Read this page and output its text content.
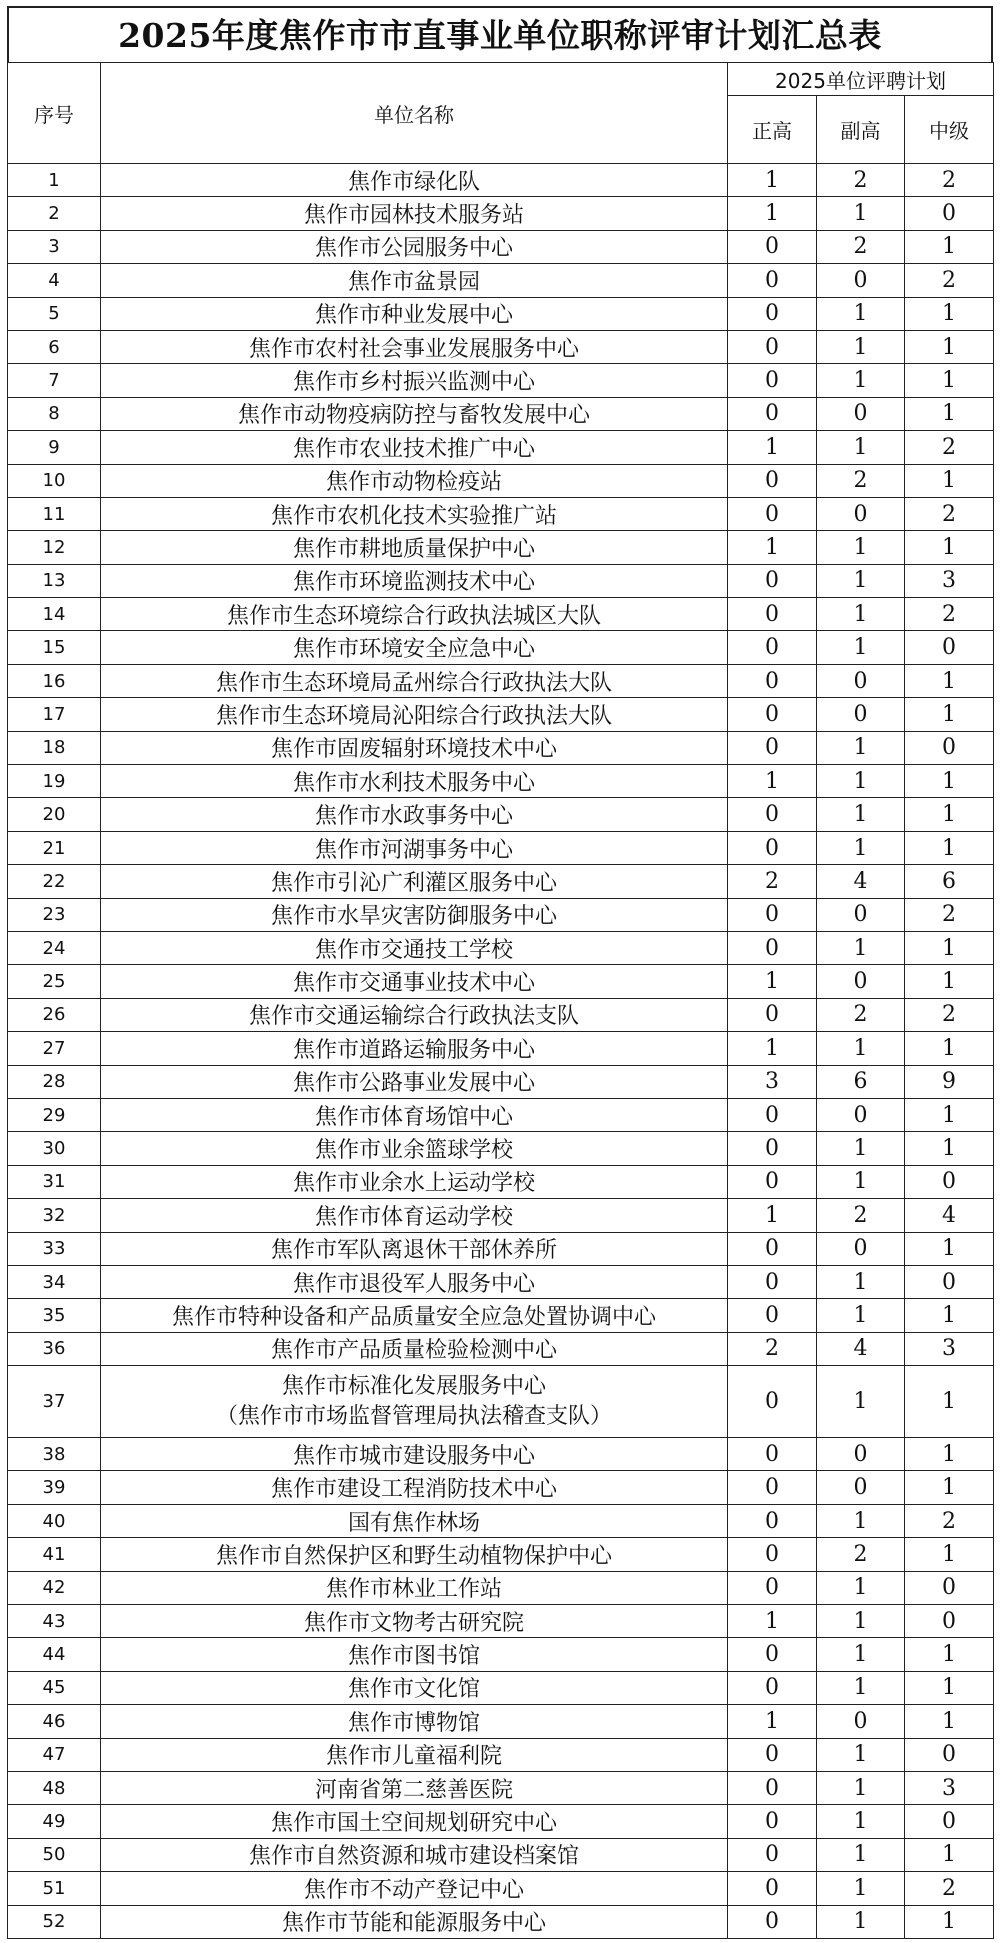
2025年度焦作市市直事业单位职称评审计划汇总表
序号	单位名称	2025单位评聘计划		
		正高	副高	中级
1	焦作市绿化队	1	2	2
2	焦作市园林技术服务站	1	1	0
3	焦作市公园服务中心	0	2	1
4	焦作市盆景园	0	0	2
5	焦作市种业发展中心	0	1	1
6	焦作市农村社会事业发展服务中心	0	1	1
7	焦作市乡村振兴监测中心	0	1	1
8	焦作市动物疫病防控与畜牧发展中心	0	0	1
9	焦作市农业技术推广中心	1	1	2
10	焦作市动物检疫站	0	2	1
11	焦作市农机化技术实验推广站	0	0	2
12	焦作市耕地质量保护中心	1	1	1
13	焦作市环境监测技术中心	0	1	3
14	焦作市生态环境综合行政执法城区大队	0	1	2
15	焦作市环境安全应急中心	0	1	0
16	焦作市生态环境局孟州综合行政执法大队	0	0	1
17	焦作市生态环境局沁阳综合行政执法大队	0	0	1
18	焦作市固废辐射环境技术中心	0	1	0
19	焦作市水利技术服务中心	1	1	1
20	焦作市水政事务中心	0	1	1
21	焦作市河湖事务中心	0	1	1
22	焦作市引沁广利灌区服务中心	2	4	6
23	焦作市水旱灾害防御服务中心	0	0	2
24	焦作市交通技工学校	0	1	1
25	焦作市交通事业技术中心	1	0	1
26	焦作市交通运输综合行政执法支队	0	2	2
27	焦作市道路运输服务中心	1	1	1
28	焦作市公路事业发展中心	3	6	9
29	焦作市体育场馆中心	0	0	1
30	焦作市业余篮球学校	0	1	1
31	焦作市业余水上运动学校	0	1	0
32	焦作市体育运动学校	1	2	4
33	焦作市军队离退休干部休养所	0	0	1
34	焦作市退役军人服务中心	0	1	0
35	焦作市特种设备和产品质量安全应急处置协调中心	0	1	1
36	焦作市产品质量检验检测中心	2	4	3
37	焦作市标准化发展服务中心
（焦作市市场监督管理局执法稽查支队）	0	1	1
38	焦作市城市建设服务中心	0	0	1
39	焦作市建设工程消防技术中心	0	0	1
40	国有焦作林场	0	1	2
41	焦作市自然保护区和野生动植物保护中心	0	2	1
42	焦作市林业工作站	0	1	0
43	焦作市文物考古研究院	1	1	0
44	焦作市图书馆	0	1	1
45	焦作市文化馆	0	1	1
46	焦作市博物馆	1	0	1
47	焦作市儿童福利院	0	1	0
48	河南省第二慈善医院	0	1	3
49	焦作市国土空间规划研究中心	0	1	0
50	焦作市自然资源和城市建设档案馆	0	1	1
51	焦作市不动产登记中心	0	1	2
52	焦作市节能和能源服务中心	0	1	1
